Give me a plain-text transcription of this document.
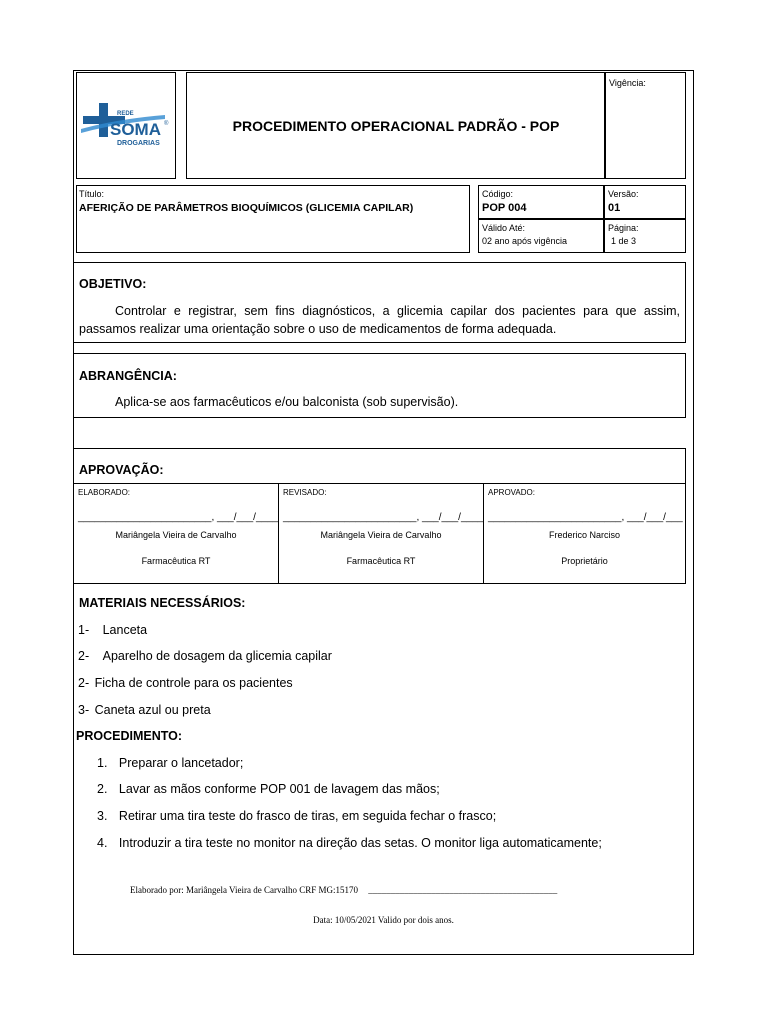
REDE
SOMA ®
DROGARIAS
PROCEDIMENTO OPERACIONAL PADRÃO - POP
Vigência:
Título:
AFERIÇÃO DE PARÂMETROS BIOQUÍMICOS (GLICEMIA CAPILAR)
Código:
POP 004
Versão:
01
Válido Até:
02 ano após vigência
Página:
1 de 3
OBJETIVO:
Controlar e registrar, sem fins diagnósticos, a glicemia capilar dos pacientes para que assim, passamos realizar uma orientação sobre o uso de medicamentos de forma adequada.
ABRANGÊNCIA:
Aplica-se aos farmacêuticos e/ou balconista (sob supervisão).
APROVAÇÃO:
ELABORADO:
________________________, ___/___/____
Mariângela Vieira de Carvalho
Farmacêutica RT
REVISADO:
________________________, ___/___/____
Mariângela Vieira de Carvalho
Farmacêutica RT
APROVADO:
________________________, ___/___/___
Frederico Narciso
Proprietário
MATERIAIS NECESSÁRIOS:
1- Lanceta
2- Aparelho de dosagem da glicemia capilar
2- Ficha de controle para os pacientes
3- Caneta azul ou preta
PROCEDIMENTO:
1. Preparar o lancetador;
2. Lavar as mãos conforme POP 001 de lavagem das mãos;
3. Retirar uma tira teste do frasco de tiras, em seguida fechar o frasco;
4. Introduzir a tira teste no monitor na direção das setas. O monitor liga automaticamente;
Elaborado por: Mariângela Vieira de Carvalho CRF MG:15170 __________________________________________
Data: 10/05/2021 Valido por dois anos.
